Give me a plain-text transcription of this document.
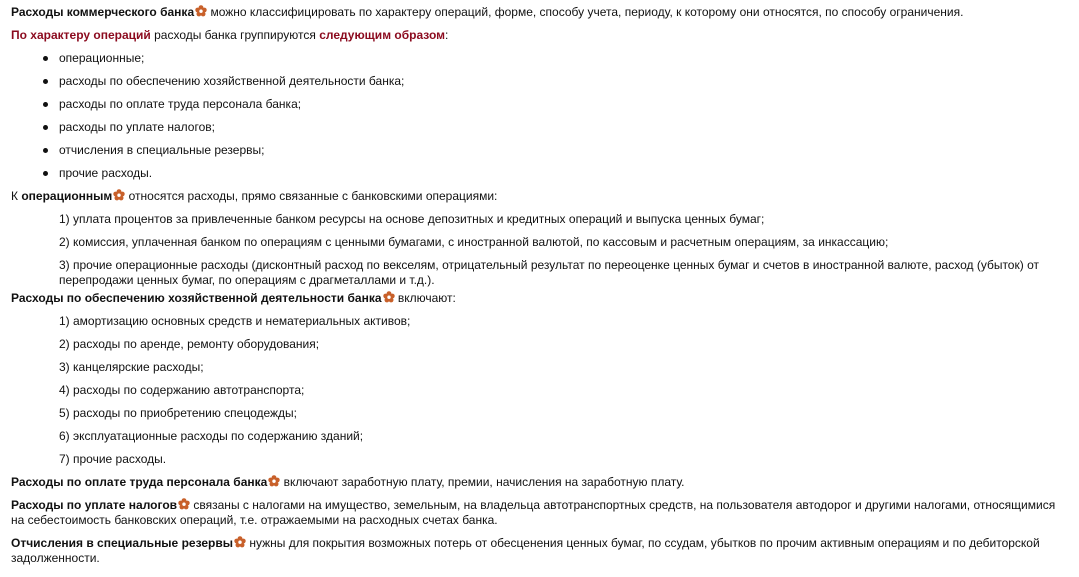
Расходы коммерческого банка
можно классифицировать по характеру операций, форме, способу учета, периоду, к которому они относятся, по способу ограничения.

По характеру операций расходы банка группируются следующим образом:

операционные;
расходы по обеспечению хозяйственной деятельности банка;
расходы по оплате труда персонала банка;
расходы по уплате налогов;
отчисления в специальные резервы;
прочие расходы.

К операционным
относятся расходы, прямо связанные с банковскими операциями:

1) уплата процентов за привлеченные банком ресурсы на основе депозитных и кредитных операций и выпуска ценных бумаг;
2) комиссия, уплаченная банком по операциям с ценными бумагами, с иностранной валютой, по кассовым и расчетным операциям, за инкассацию;
3) прочие операционные расходы (дисконтный расход по векселям, отрицательный результат по переоценке ценных бумаг и счетов в иностранной валюте, расход (убыток) от перепродажи ценных бумаг, по операциям с драгметаллами и т.д.).

Расходы по обеспечению хозяйственной деятельности банка
включают:

1) амортизацию основных средств и нематериальных активов;
2) расходы по аренде, ремонту оборудования;
3) канцелярские расходы;
4) расходы по содержанию автотранспорта;
5) расходы по приобретению спецодежды;
6) эксплуатационные расходы по содержанию зданий;
7) прочие расходы.

Расходы по оплате труда персонала банка
включают заработную плату, премии, начисления на заработную плату.

Расходы по уплате налогов
связаны с налогами на имущество, земельным, на владельца автотранспортных средств, на пользователя автодорог и другими налогами, относящимися на себестоимость банковских операций, т.е. отражаемыми на расходных счетах банка.

Отчисления в специальные резервы
нужны для покрытия возможных потерь от обесценения ценных бумаг, по ссудам, убытков по прочим активным операциям и по дебиторской задолженности.
